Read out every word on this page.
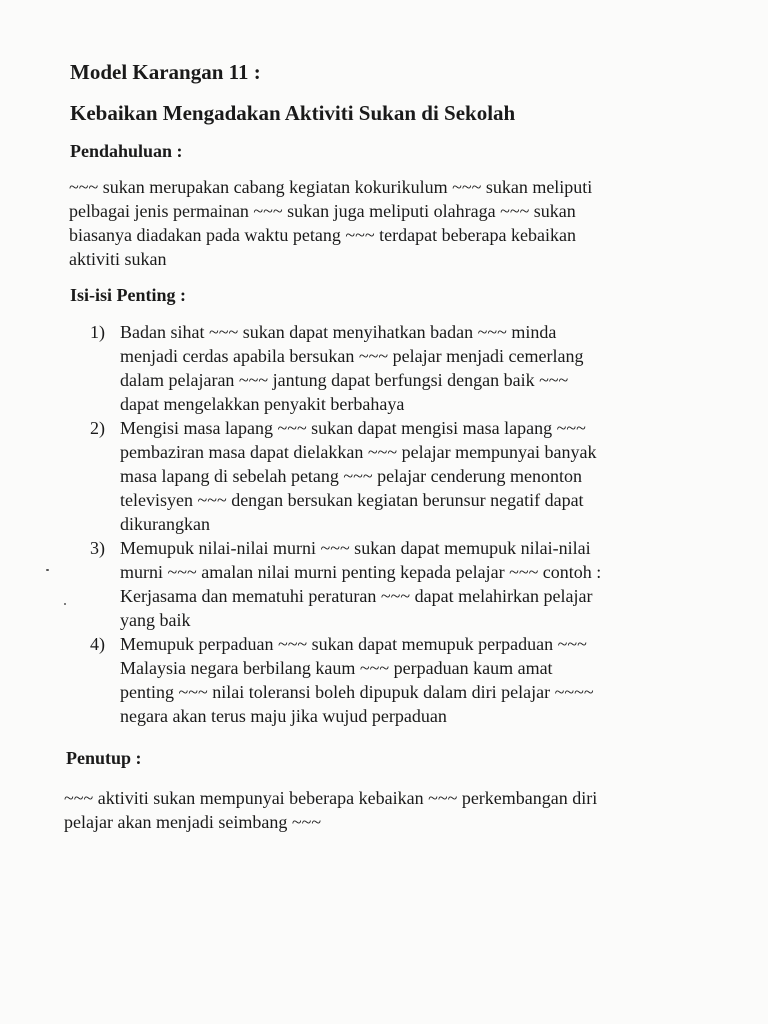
Model Karangan 11 :
Kebaikan Mengadakan Aktiviti Sukan di Sekolah
Pendahuluan :
~~~ sukan merupakan cabang kegiatan kokurikulum ~~~ sukan meliputi
pelbagai jenis permainan ~~~ sukan juga meliputi olahraga ~~~ sukan
biasanya diadakan pada waktu petang ~~~ terdapat beberapa kebaikan
aktiviti sukan
Isi-isi Penting :
1) Badan sihat ~~~ sukan dapat menyihatkan badan ~~~ minda
menjadi cerdas apabila bersukan ~~~ pelajar menjadi cemerlang
dalam pelajaran ~~~ jantung dapat berfungsi dengan baik ~~~
dapat mengelakkan penyakit berbahaya
2) Mengisi masa lapang ~~~ sukan dapat mengisi masa lapang ~~~
pembaziran masa dapat dielakkan ~~~ pelajar mempunyai banyak
masa lapang di sebelah petang ~~~ pelajar cenderung menonton
televisyen ~~~ dengan bersukan kegiatan berunsur negatif dapat
dikurangkan
3) Memupuk nilai-nilai murni ~~~ sukan dapat memupuk nilai-nilai
murni ~~~ amalan nilai murni penting kepada pelajar ~~~ contoh :
Kerjasama dan mematuhi peraturan ~~~ dapat melahirkan pelajar
yang baik
4) Memupuk perpaduan ~~~ sukan dapat memupuk perpaduan ~~~
Malaysia negara berbilang kaum ~~~ perpaduan kaum amat
penting ~~~ nilai toleransi boleh dipupuk dalam diri pelajar ~~~~
negara akan terus maju jika wujud perpaduan
Penutup :
~~~ aktiviti sukan mempunyai beberapa kebaikan ~~~ perkembangan diri
pelajar akan menjadi seimbang ~~~
